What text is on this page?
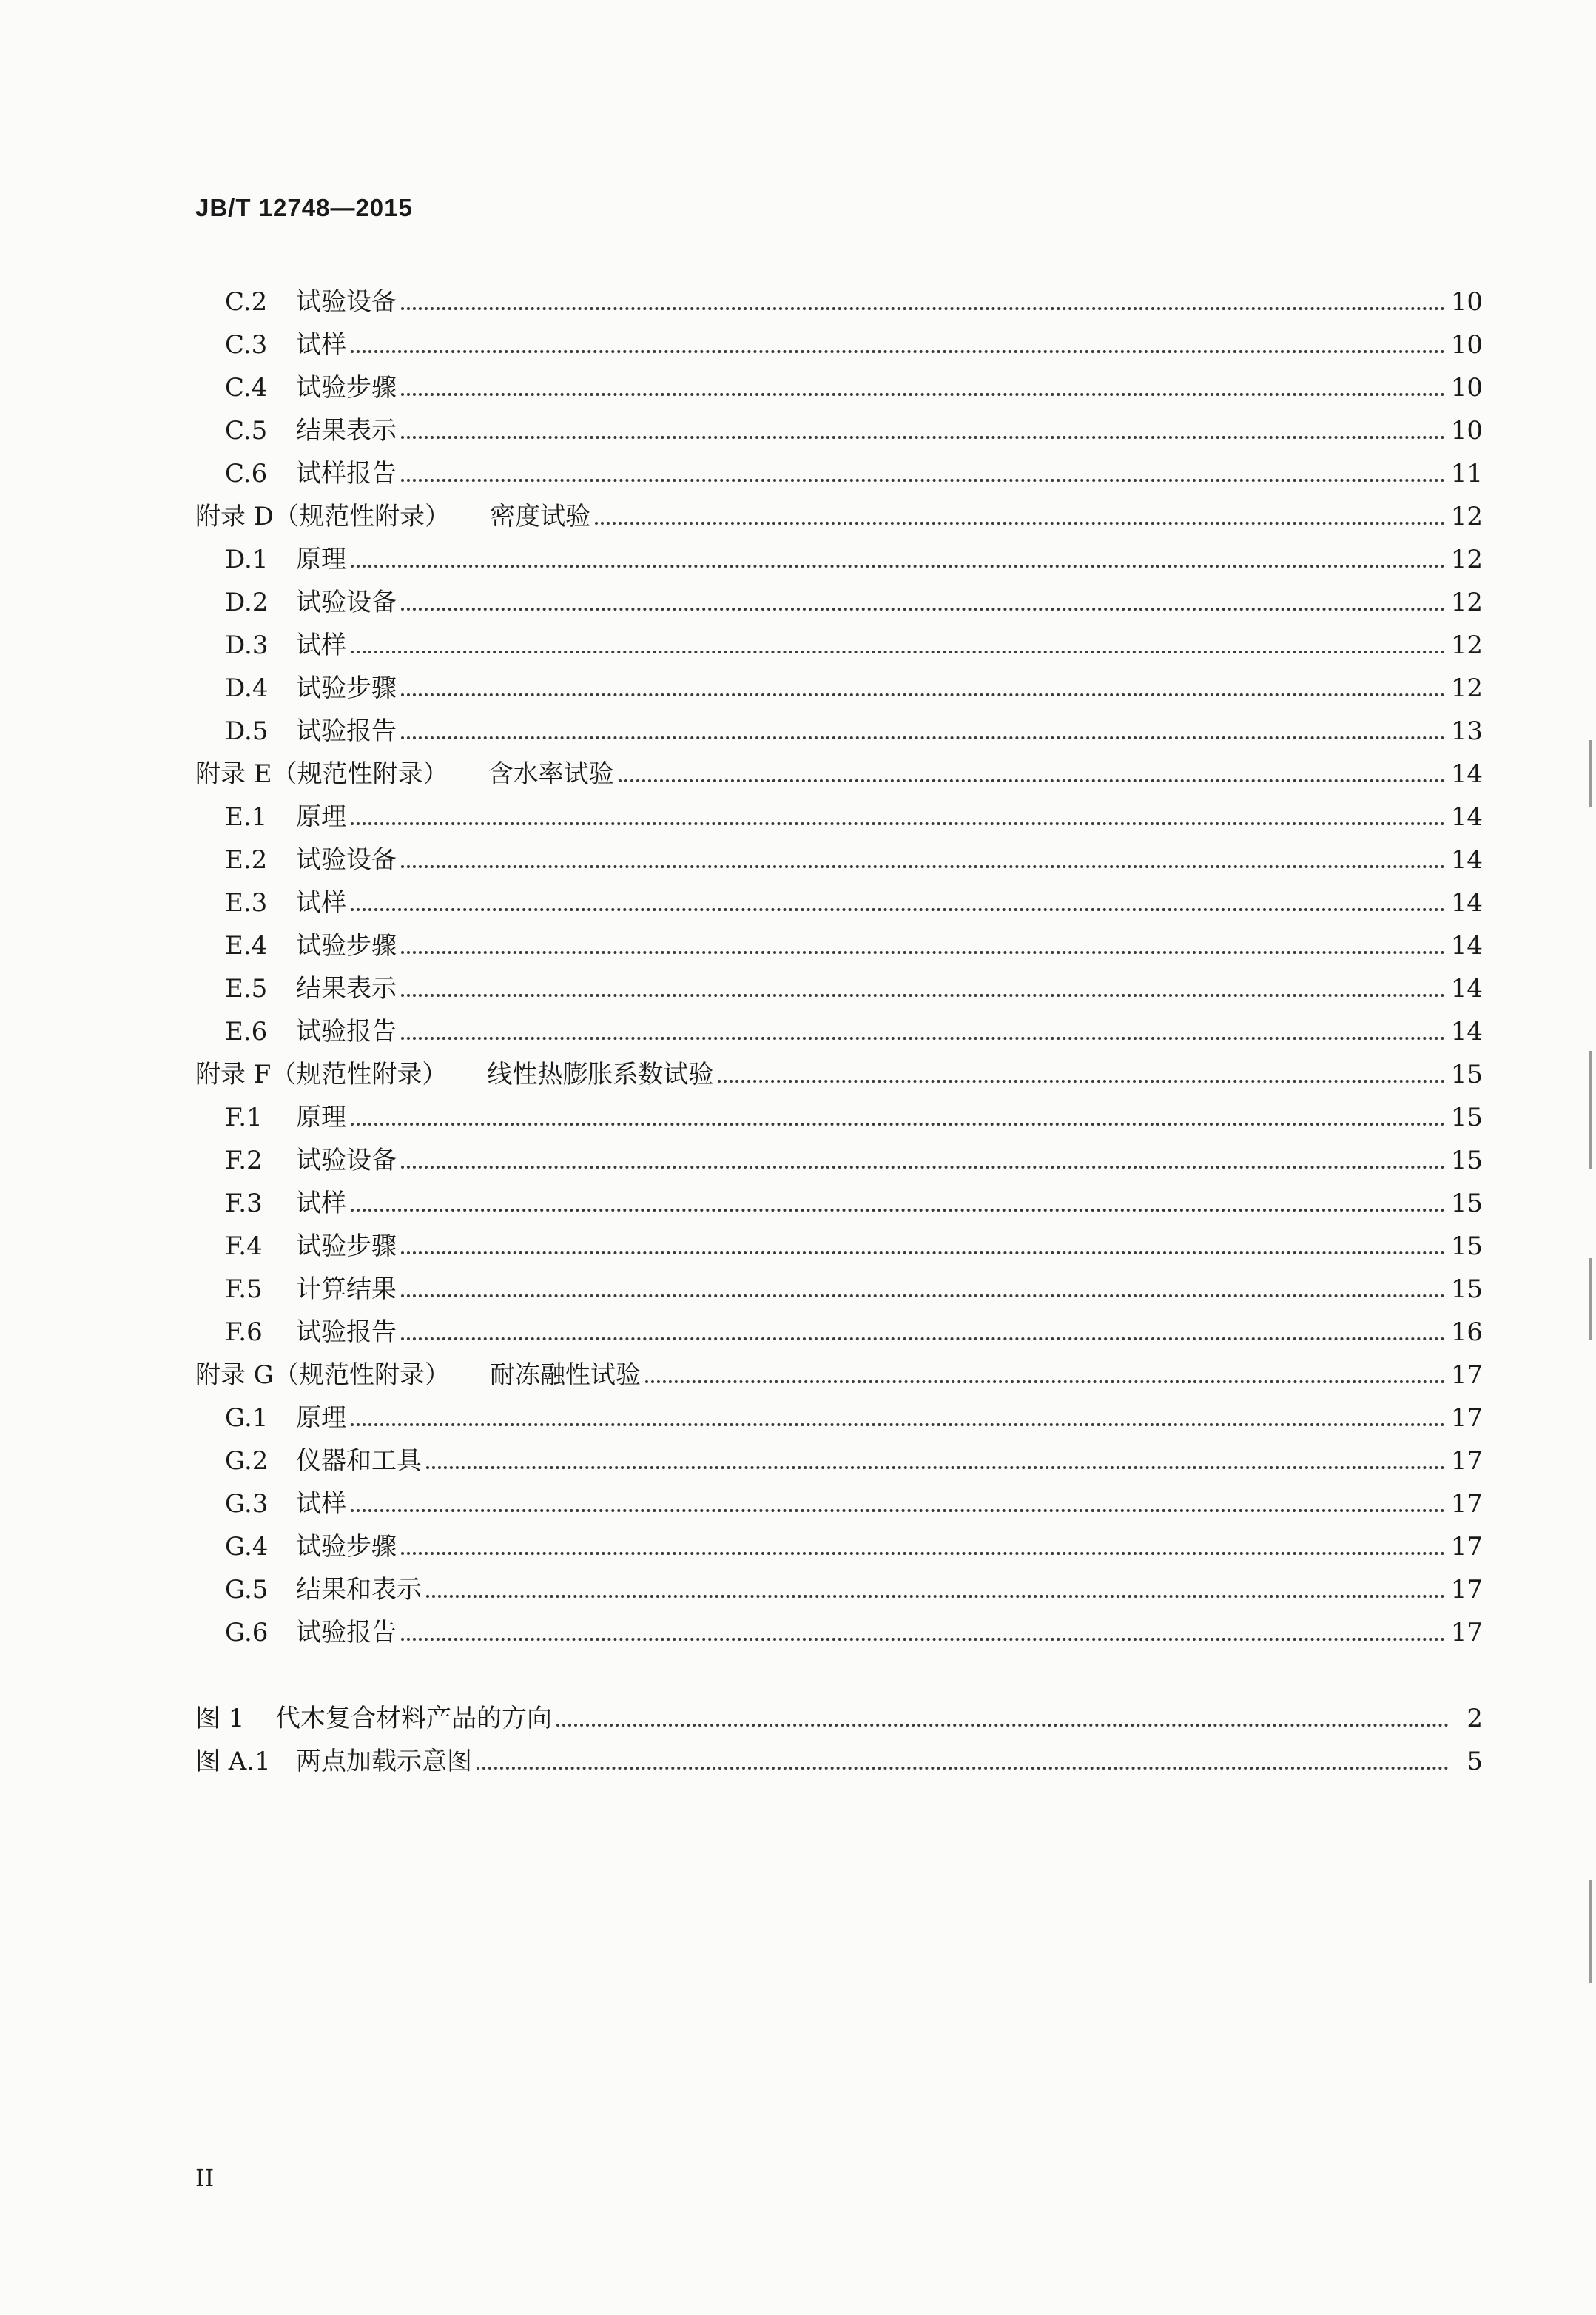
JB/T 12748—2015
C.2	试验设备	10
C.3	试样	10
C.4	试验步骤	10
C.5	结果表示	10
C.6	试样报告	11
附录 D（规范性附录） 密度试验	12
D.1	原理	12
D.2	试验设备	12
D.3	试样	12
D.4	试验步骤	12
D.5	试验报告	13
附录 E（规范性附录） 含水率试验	14
E.1	原理	14
E.2	试验设备	14
E.3	试样	14
E.4	试验步骤	14
E.5	结果表示	14
E.6	试验报告	14
附录 F（规范性附录） 线性热膨胀系数试验	15
F.1	原理	15
F.2	试验设备	15
F.3	试样	15
F.4	试验步骤	15
F.5	计算结果	15
F.6	试验报告	16
附录 G（规范性附录） 耐冻融性试验	17
G.1	原理	17
G.2	仪器和工具	17
G.3	试样	17
G.4	试验步骤	17
G.5	结果和表示	17
G.6	试验报告	17
图 1	代木复合材料产品的方向	2
图 A.1	两点加载示意图	5
II
